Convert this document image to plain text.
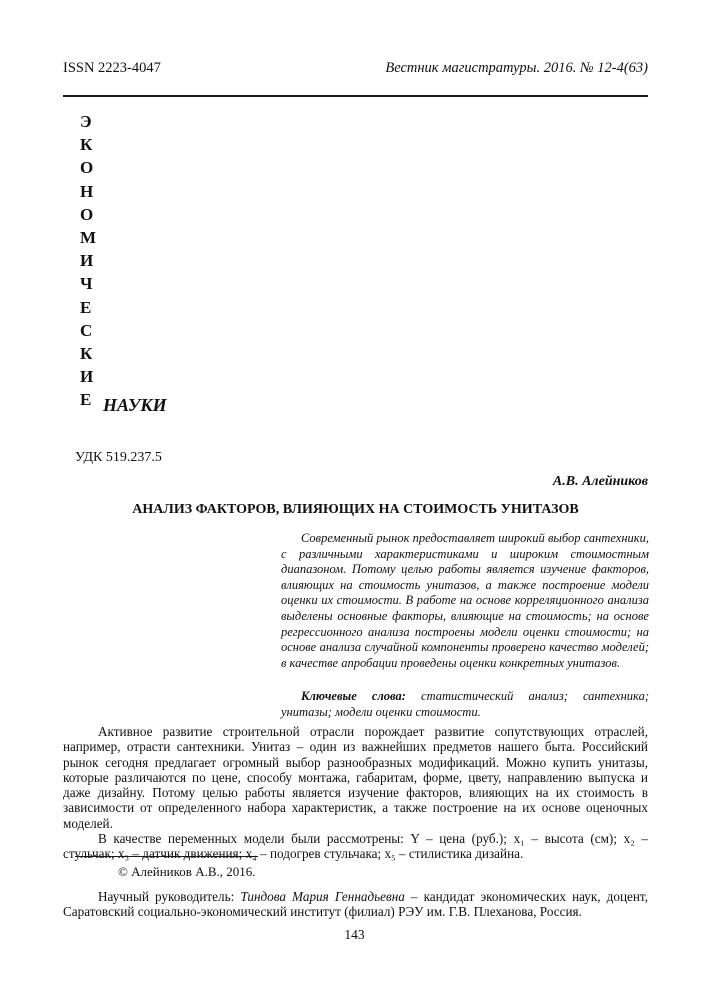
ISSN 2223-4047	Вестник магистратуры. 2016. № 12-4(63)
Э
К
О
Н
О
М
И
Ч
Е
С
К
И
Е НАУКИ
УДК 519.237.5
А.В. Алейников
АНАЛИЗ ФАКТОРОВ, ВЛИЯЮЩИХ НА СТОИМОСТЬ УНИТАЗОВ
Современный рынок предоставляет широкий выбор сантехники, с различными характеристиками и широким стоимостным диапазоном. Потому целью работы является изучение факторов, влияющих на стоимость унитазов, а также построение модели оценки их стоимости. В работе на основе корреляционного анализа выделены основные факторы, влияющие на стоимость; на основе регрессионного анализа построены модели оценки стоимости; на основе анализа случайной компоненты проверено качество моделей; в качестве апробации проведены оценки конкретных унитазов.
Ключевые слова: статистический анализ; сантехника; унитазы; модели оценки стоимости.

Активное развитие строительной отрасли порождает развитие сопутствующих отраслей, например, отрасти сантехники. Унитаз – один из важнейших предметов нашего быта. Российский рынок сегодня предлагает огромный выбор разнообразных модификаций. Можно купить унитазы, которые различаются по цене, способу монтажа, габаритам, форме, цвету, направлению выпуска и даже дизайну. Потому целью работы является изучение факторов, влияющих на их стоимость в зависимости от определенного набора характеристик, а также построение на их основе оценочных моделей.

В качестве переменных модели были рассмотрены: Y – цена (руб.); x₁ – высота (см); x₂ – стульчак; x₃ – датчик движения; x₄ – подогрев стульчака; x₅ – стилистика дизайна.

© Алейников А.В., 2016.
Научный руководитель: Тиндова Мария Геннадьевна – кандидат экономических наук, доцент, Саратовский социально-экономический институт (филиал) РЭУ им. Г.В. Плеханова, Россия.
143
